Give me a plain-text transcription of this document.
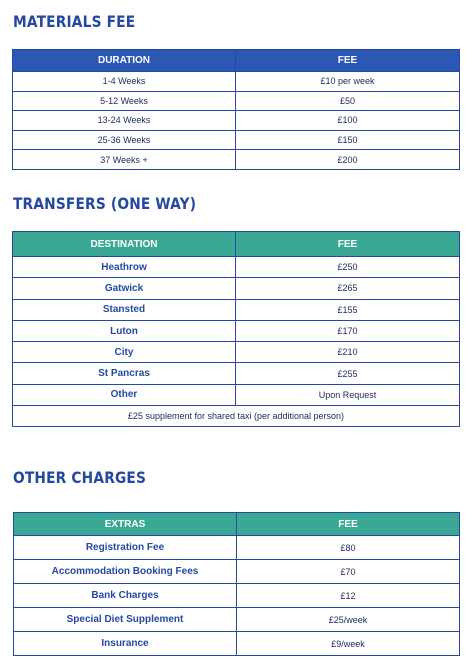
MATERIALS FEE
DURATION	FEE
1-4 Weeks	£10 per week
5-12 Weeks	£50
13-24 Weeks	£100
25-36 Weeks	£150
37 Weeks +	£200
TRANSFERS (ONE WAY)
DESTINATION	FEE
Heathrow	£250
Gatwick	£265
Stansted	£155
Luton	£170
City	£210
St Pancras	£255
Other	Upon Request
£25 supplement for shared taxi (per additional person)	
OTHER CHARGES
EXTRAS	FEE
Registration Fee	£80
Accommodation Booking Fees	£70
Bank Charges	£12
Special Diet Supplement	£25/week
Insurance	£9/week
